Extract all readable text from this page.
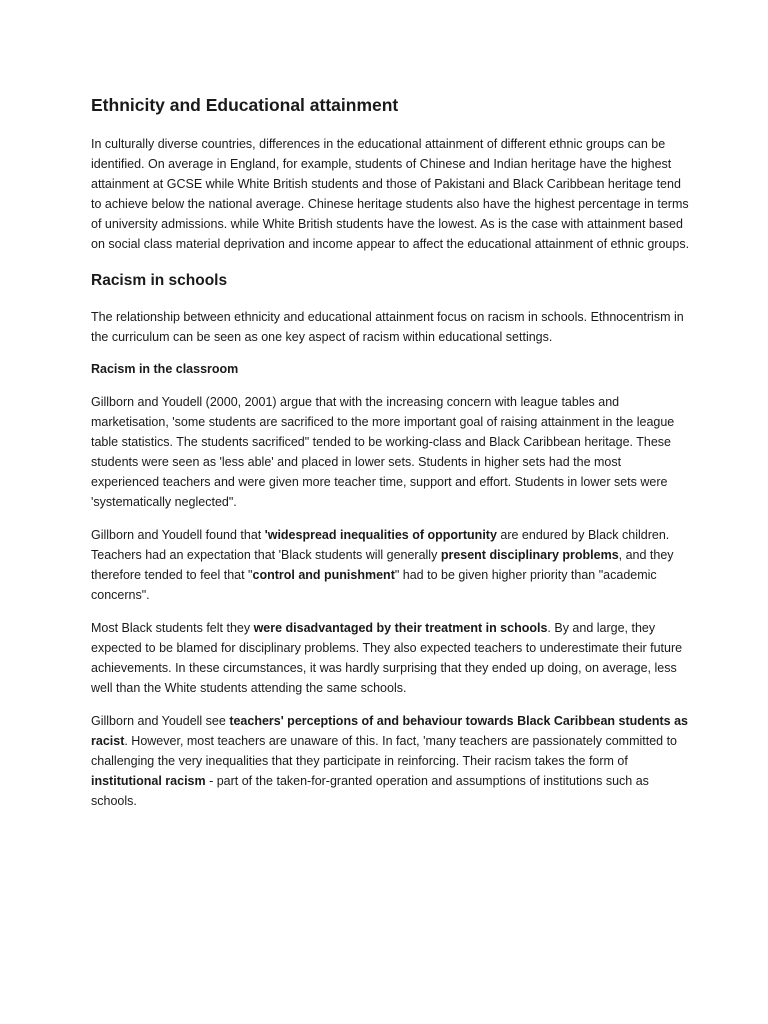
Ethnicity and Educational attainment

In culturally diverse countries, differences in the educational attainment of different ethnic groups can be identified. On average in England, for example, students of Chinese and Indian heritage have the highest attainment at GCSE while White British students and those of Pakistani and Black Caribbean heritage tend to achieve below the national average. Chinese heritage students also have the highest percentage in terms of university admissions. while White British students have the lowest. As is the case with attainment based on social class material deprivation and income appear to affect the educational attainment of ethnic groups.

Racism in schools

The relationship between ethnicity and educational attainment focus on racism in schools. Ethnocentrism in the curriculum can be seen as one key aspect of racism within educational settings.

Racism in the classroom

Gillborn and Youdell (2000, 2001) argue that with the increasing concern with league tables and marketisation, 'some students are sacrificed to the more important goal of raising attainment in the league table statistics. The students sacrificed" tended to be working-class and Black Caribbean heritage. These students were seen as 'less able' and placed in lower sets. Students in higher sets had the most experienced teachers and were given more teacher time, support and effort. Students in lower sets were 'systematically neglected".

Gillborn and Youdell found that 'widespread inequalities of opportunity are endured by Black children. Teachers had an expectation that 'Black students will generally present disciplinary problems, and they therefore tended to feel that "control and punishment" had to be given higher priority than "academic concerns".

Most Black students felt they were disadvantaged by their treatment in schools. By and large, they expected to be blamed for disciplinary problems. They also expected teachers to underestimate their future achievements. In these circumstances, it was hardly surprising that they ended up doing, on average, less well than the White students attending the same schools.

Gillborn and Youdell see teachers' perceptions of and behaviour towards Black Caribbean students as racist. However, most teachers are unaware of this. In fact, 'many teachers are passionately committed to challenging the very inequalities that they participate in reinforcing. Their racism takes the form of institutional racism - part of the taken-for-granted operation and assumptions of institutions such as schools.
